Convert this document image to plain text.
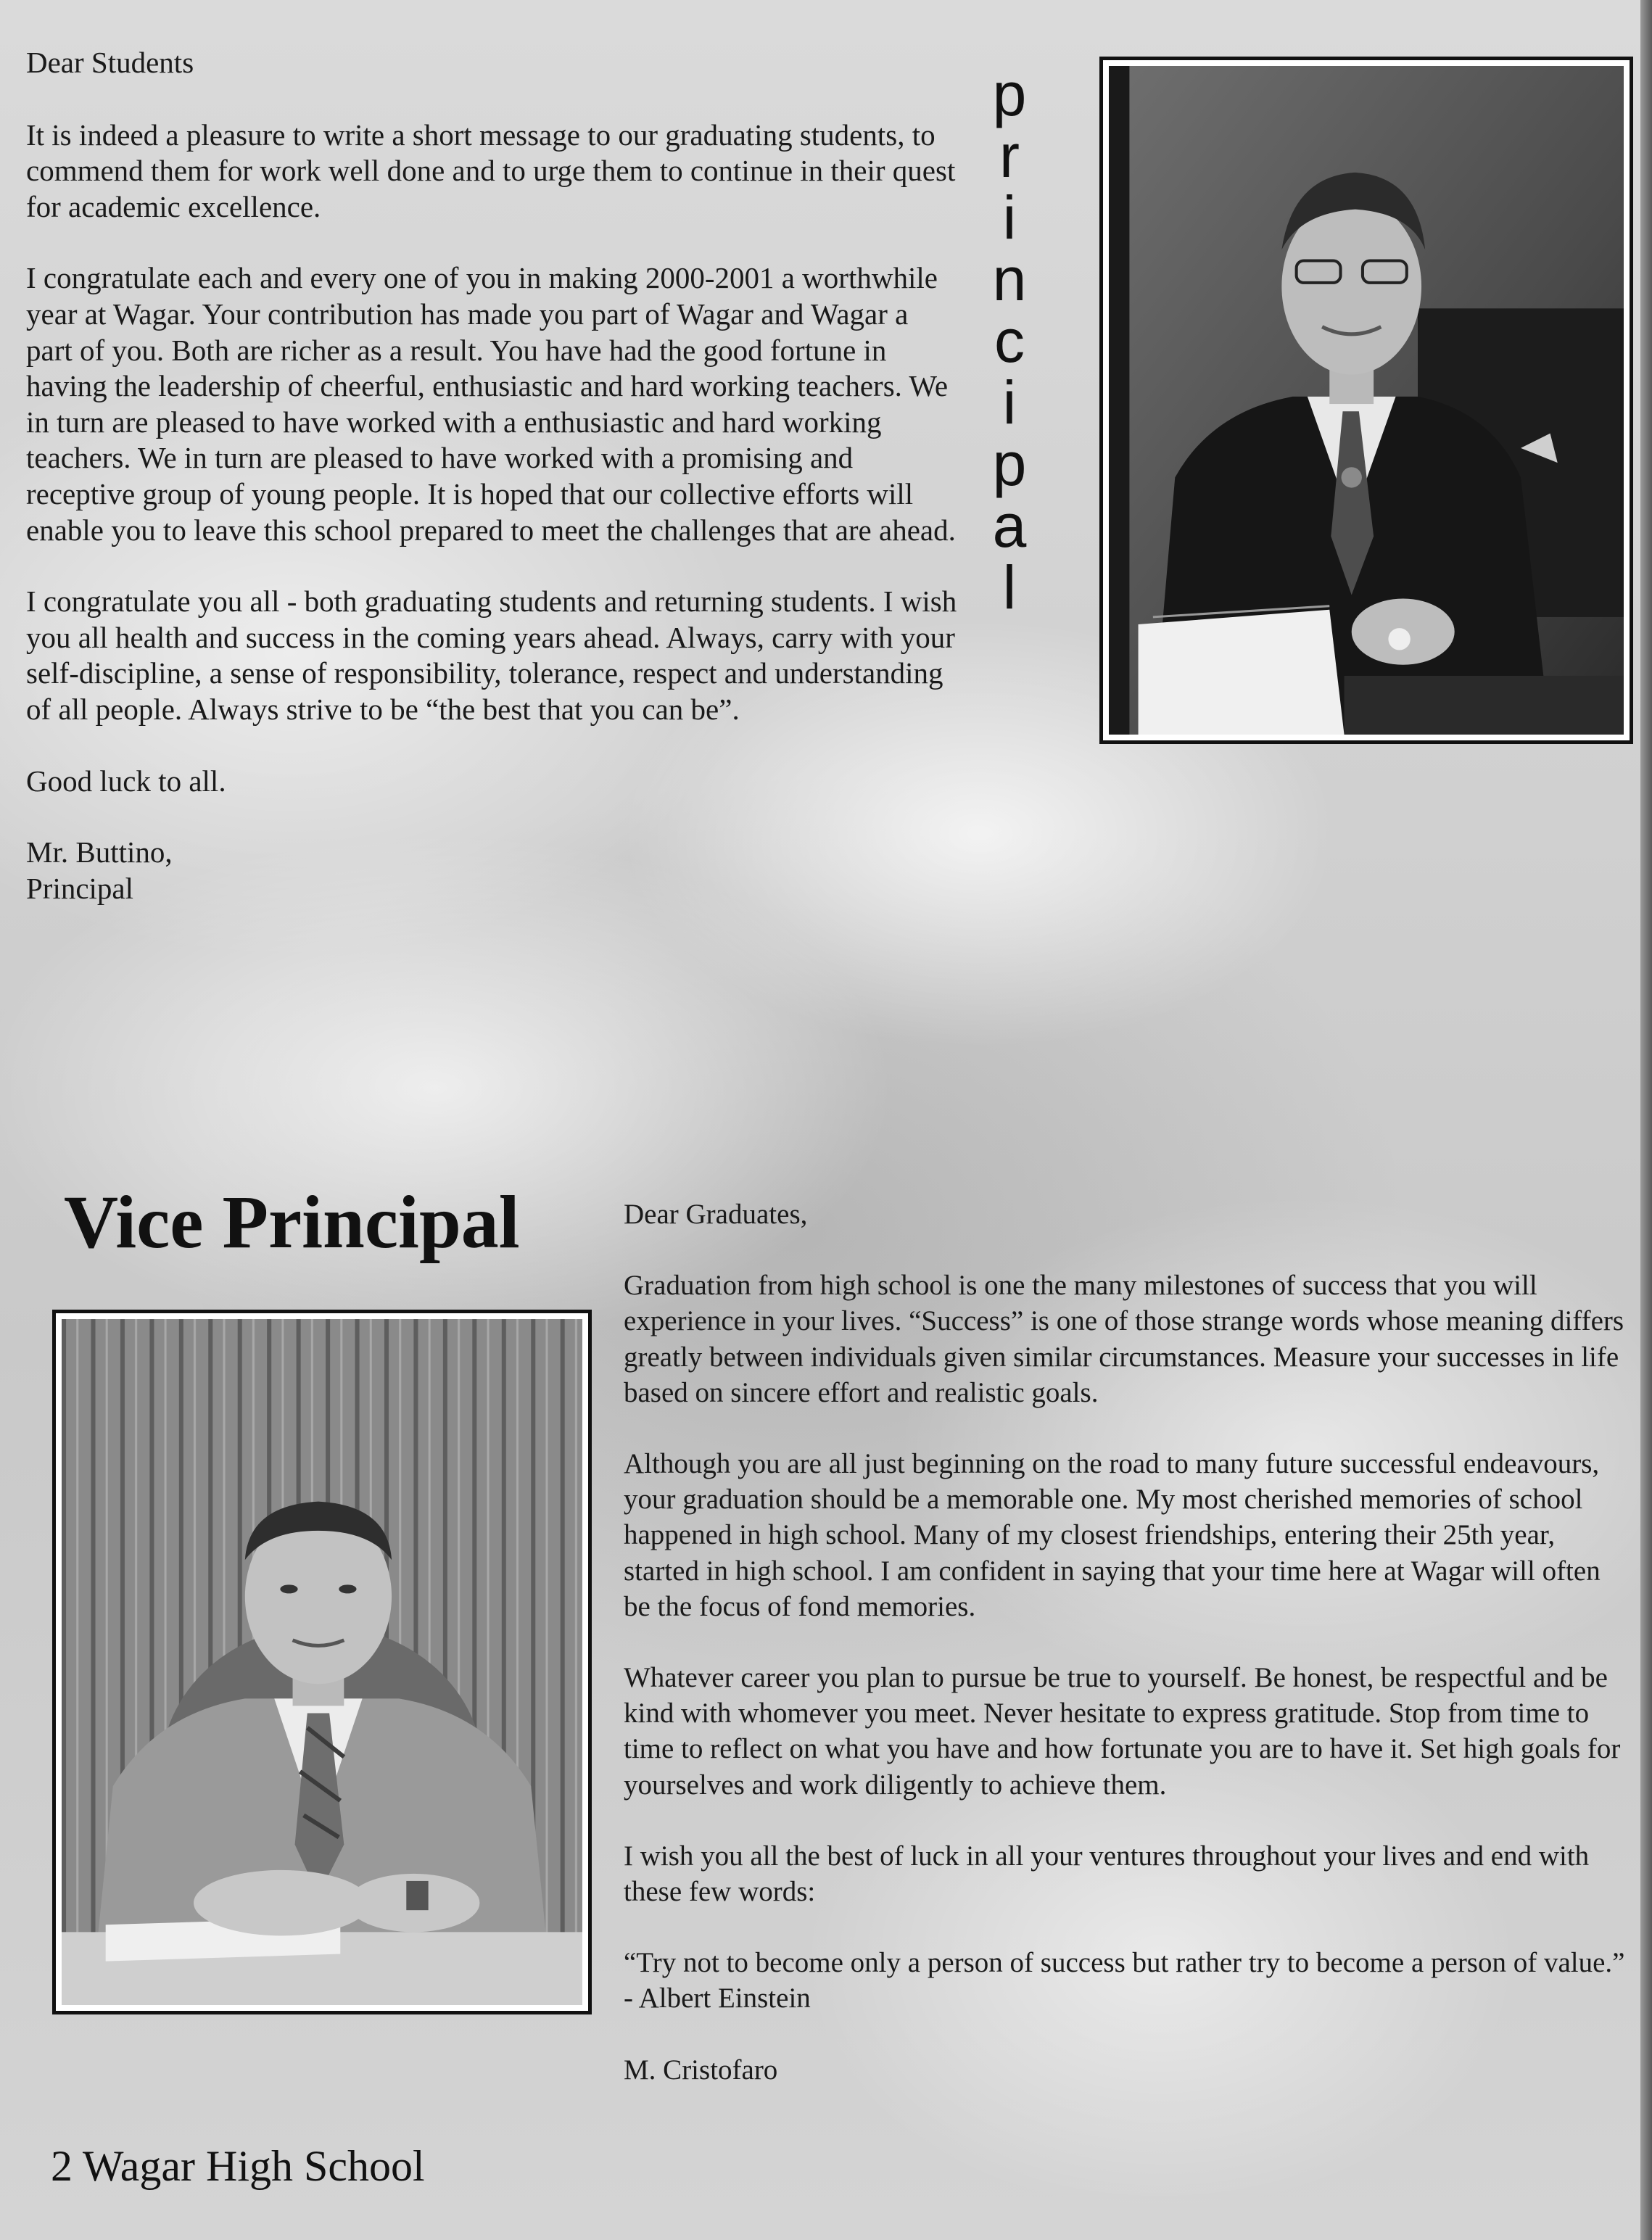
Dear Students

It is indeed a pleasure to write a short message to our graduating students, to commend them for work well done and to urge them to continue in their quest for academic excellence.

I congratulate each and every one of you in making 2000-2001 a worthwhile year at Wagar. Your contribution has made you part of Wagar and Wagar a part of you. Both are richer as a result. You have had the good fortune in having the leadership of cheerful, enthusiastic and hard working teachers. We in turn are pleased to have worked with a enthusiastic and hard working teachers. We in turn are pleased to have worked with a promising and receptive group of young people. It is hoped that our collective efforts will enable you to leave this school prepared to meet the challenges that are ahead.

I congratulate you all - both graduating students and returning students. I wish you all health and success in the coming years ahead. Always, carry with your self-discipline, a sense of responsibility, tolerance, respect and understanding of all people. Always strive to be “the best that you can be”.

Good luck to all.

Mr. Buttino,

Principal

p
r
i
n
c
i
p
a
l
Vice Principal	Dear Graduates,

Graduation from high school is one the many milestones of success that you will experience in your lives. “Success” is one of those strange words whose meaning differs greatly between individuals given similar circumstances. Measure your successes in life based on sincere effort and realistic goals.

Although you are all just beginning on the road to many future successful endeavours, your graduation should be a memorable one. My most cherished memories of school happened in high school. Many of my closest friendships, entering their 25th year, started in high school. I am confident in saying that your time here at Wagar will often be the focus of fond memories.

Whatever career you plan to pursue be true to yourself. Be honest, be respectful and be kind with whomever you meet. Never hesitate to express gratitude. Stop from time to time to reflect on what you have and how fortunate you are to have it. Set high goals for yourselves and work diligently to achieve them.

I wish you all the best of luck in all your ventures throughout your lives and end with these few words:

“Try not to become only a person of success but rather try to become a person of value.” - Albert Einstein

M. Cristofaro

2 Wagar High School
